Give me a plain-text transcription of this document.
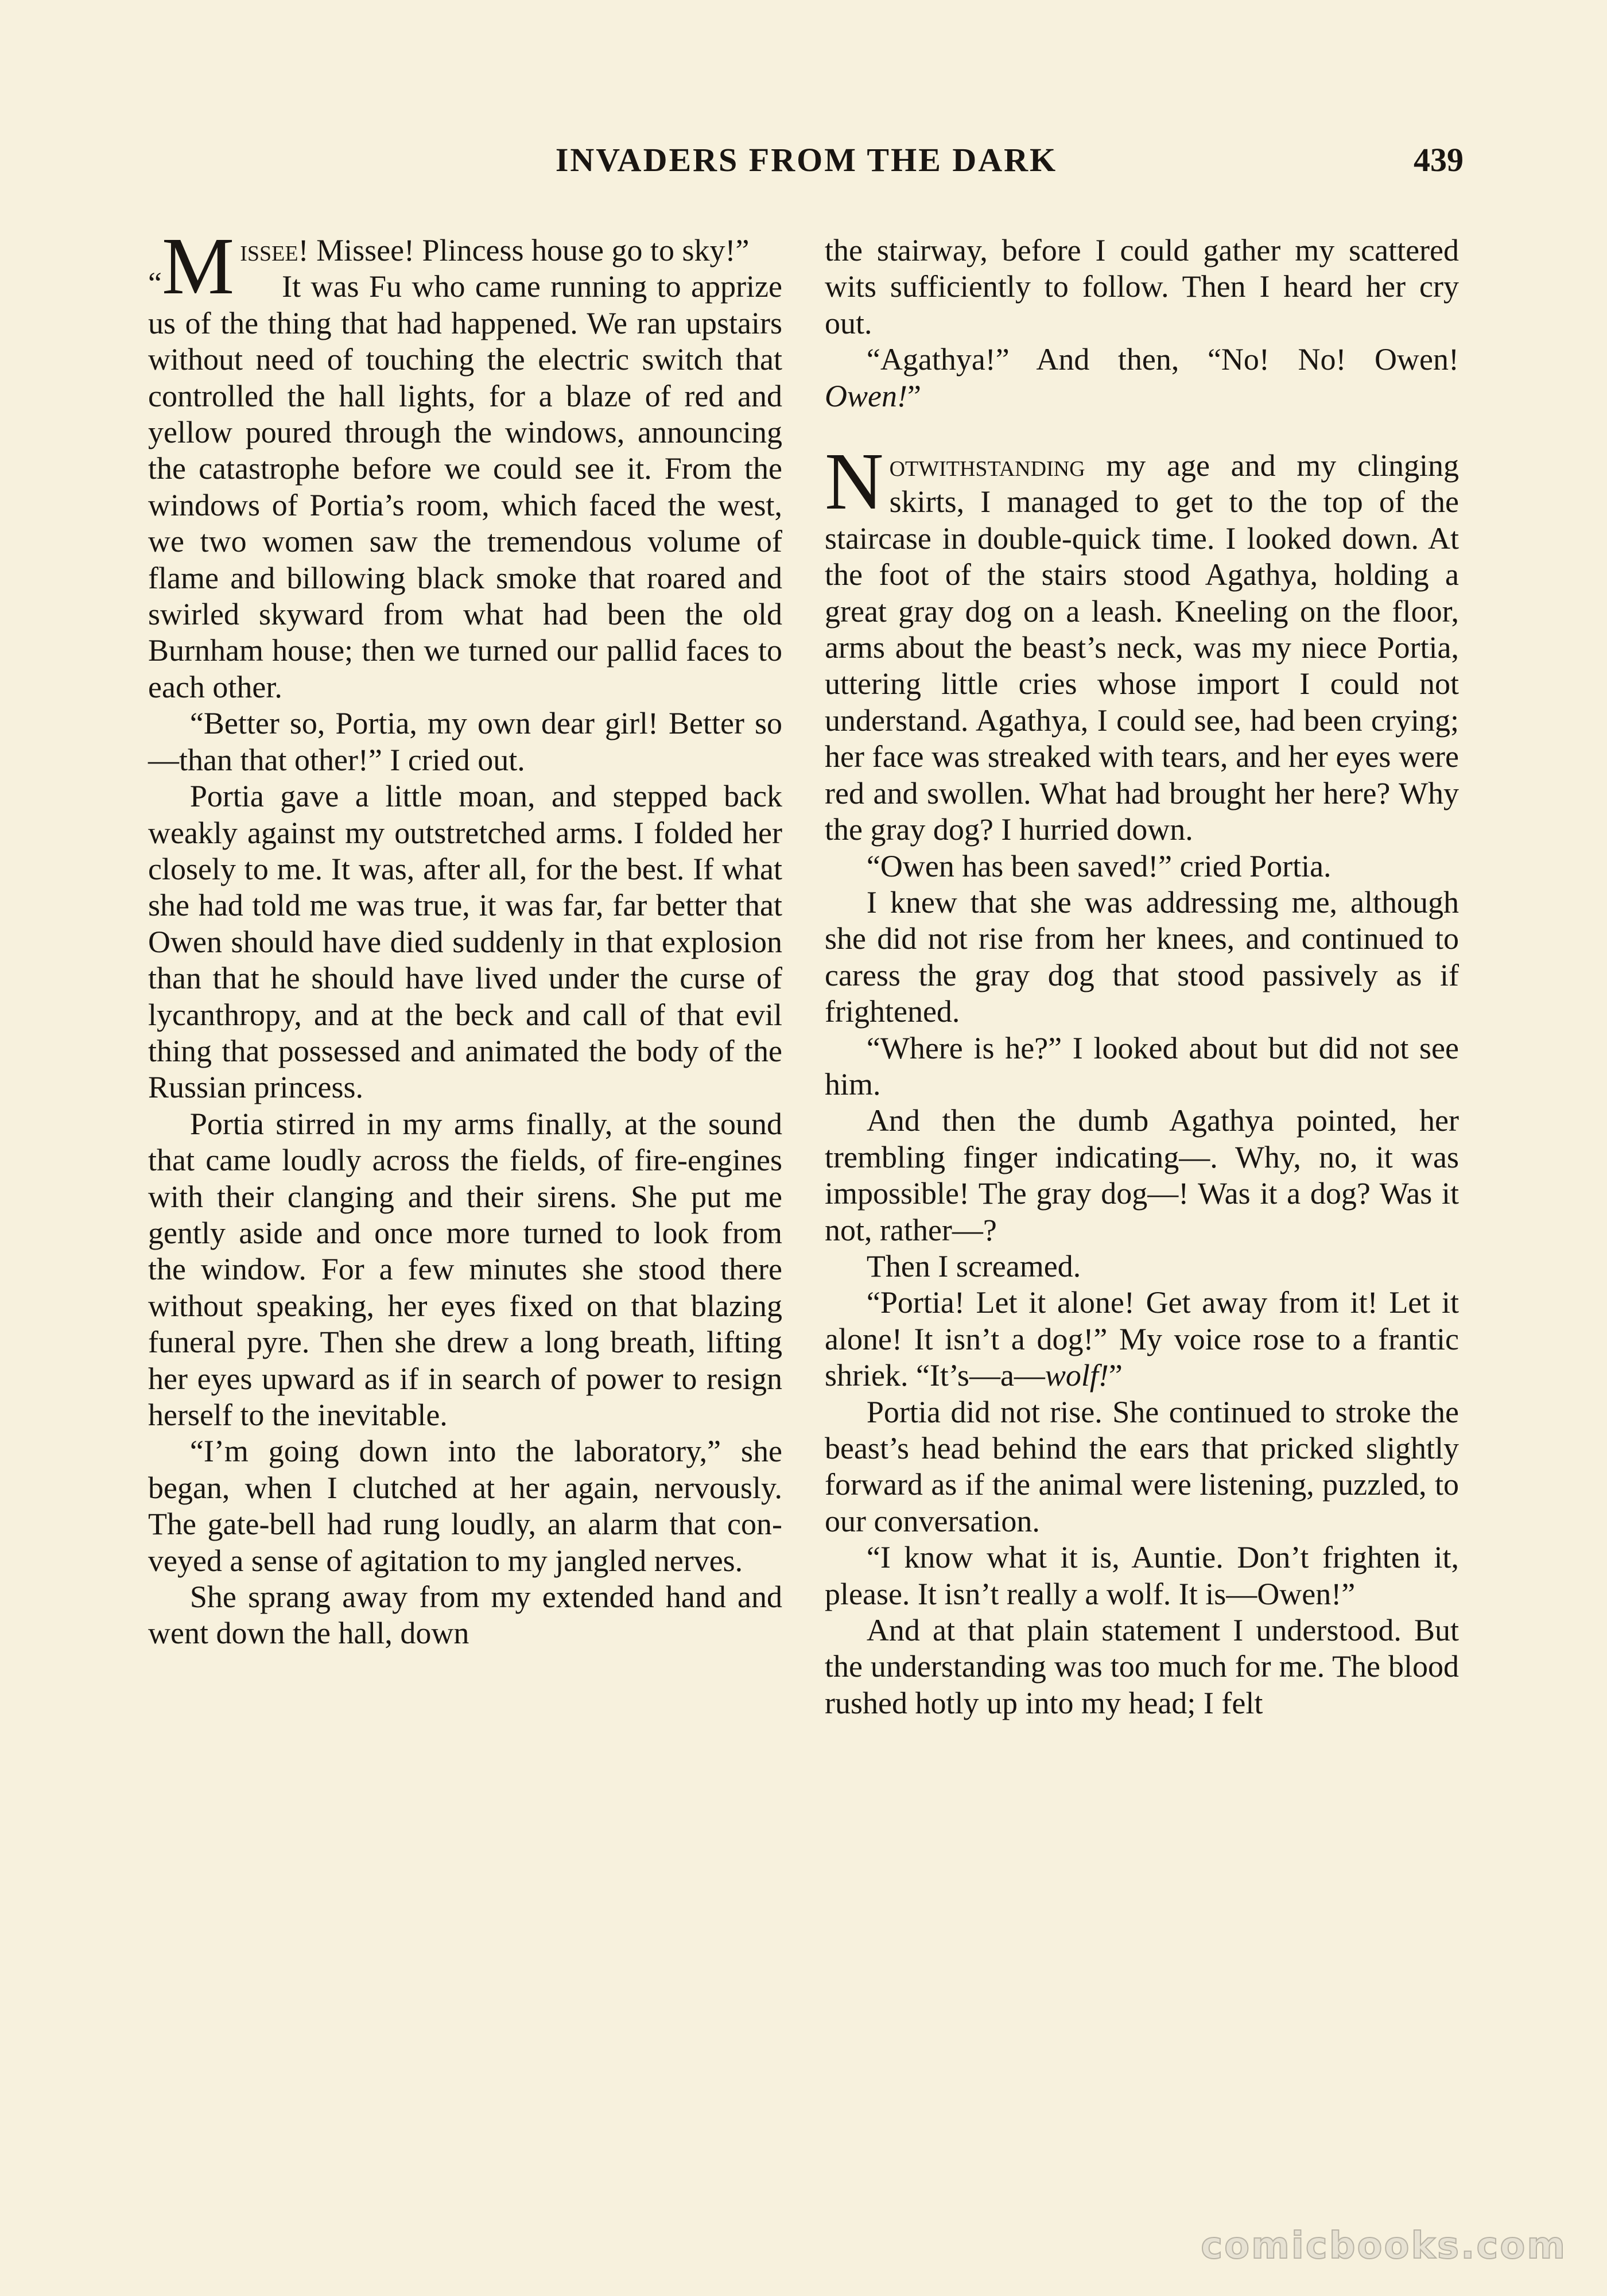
INVADERS FROM THE DARK	439

“M issee! Missee! Plincess house go to sky!”

It was Fu who came running to apprize us of the thing that had happened. We ran upstairs without need of touching the electric switch that controlled the hall lights, for a blaze of red and yellow poured through the windows, announcing the catastrophe before we could see it. From the windows of Portia’s room, which faced the west, we two women saw the tremendous volume of flame and billowing black smoke that roared and swirled skyward from what had been the old Burnham house; then we turned our pallid faces to each other.

“Better so, Portia, my own dear girl! Better so—than that other!” I cried out.

Portia gave a little moan, and stepped back weakly against my outstretched arms. I folded her closely to me. It was, after all, for the best. If what she had told me was true, it was far, far better that Owen should have died suddenly in that explosion than that he should have lived under the curse of lycanthropy, and at the beck and call of that evil thing that possessed and animated the body of the Russian princess.

Portia stirred in my arms finally, at the sound that came loudly across the fields, of fire-engines with their clanging and their sirens. She put me gently aside and once more turned to look from the window. For a few minutes she stood there without speaking, her eyes fixed on that blazing funeral pyre. Then she drew a long breath, lifting her eyes upward as if in search of power to resign herself to the inevitable.

“I’m going down into the laboratory,” she began, when I clutched at her again, nervously. The gate-bell had rung loudly, an alarm that conveyed a sense of agitation to my jangled nerves.

She sprang away from my extended hand and went down the hall, down

the stairway, before I could gather my scattered wits sufficiently to follow. Then I heard her cry out.

“Agathya!” And then, “No! No! Owen! Owen!”

Notwithstanding my age and my clinging skirts, I managed to get to the top of the staircase in double-quick time. I looked down. At the foot of the stairs stood Agathya, holding a great gray dog on a leash. Kneeling on the floor, arms about the beast’s neck, was my niece Portia, uttering little cries whose import I could not understand. Agathya, I could see, had been crying; her face was streaked with tears, and her eyes were red and swollen. What had brought her here? Why the gray dog? I hurried down.

“Owen has been saved!” cried Portia.

I knew that she was addressing me, although she did not rise from her knees, and continued to caress the gray dog that stood passively as if frightened.

“Where is he?” I looked about but did not see him.

And then the dumb Agathya pointed, her trembling finger indicating—. Why, no, it was impossible! The gray dog—! Was it a dog? Was it not, rather—?

Then I screamed.

“Portia! Let it alone! Get away from it! Let it alone! It isn’t a dog!” My voice rose to a frantic shriek. “It’s—a—wolf!”

Portia did not rise. She continued to stroke the beast’s head behind the ears that pricked slightly forward as if the animal were listening, puzzled, to our conversation.

“I know what it is, Auntie. Don’t frighten it, please. It isn’t really a wolf. It is—Owen!”

And at that plain statement I understood. But the understanding was too much for me. The blood rushed hotly up into my head; I felt

comicbooks.com
